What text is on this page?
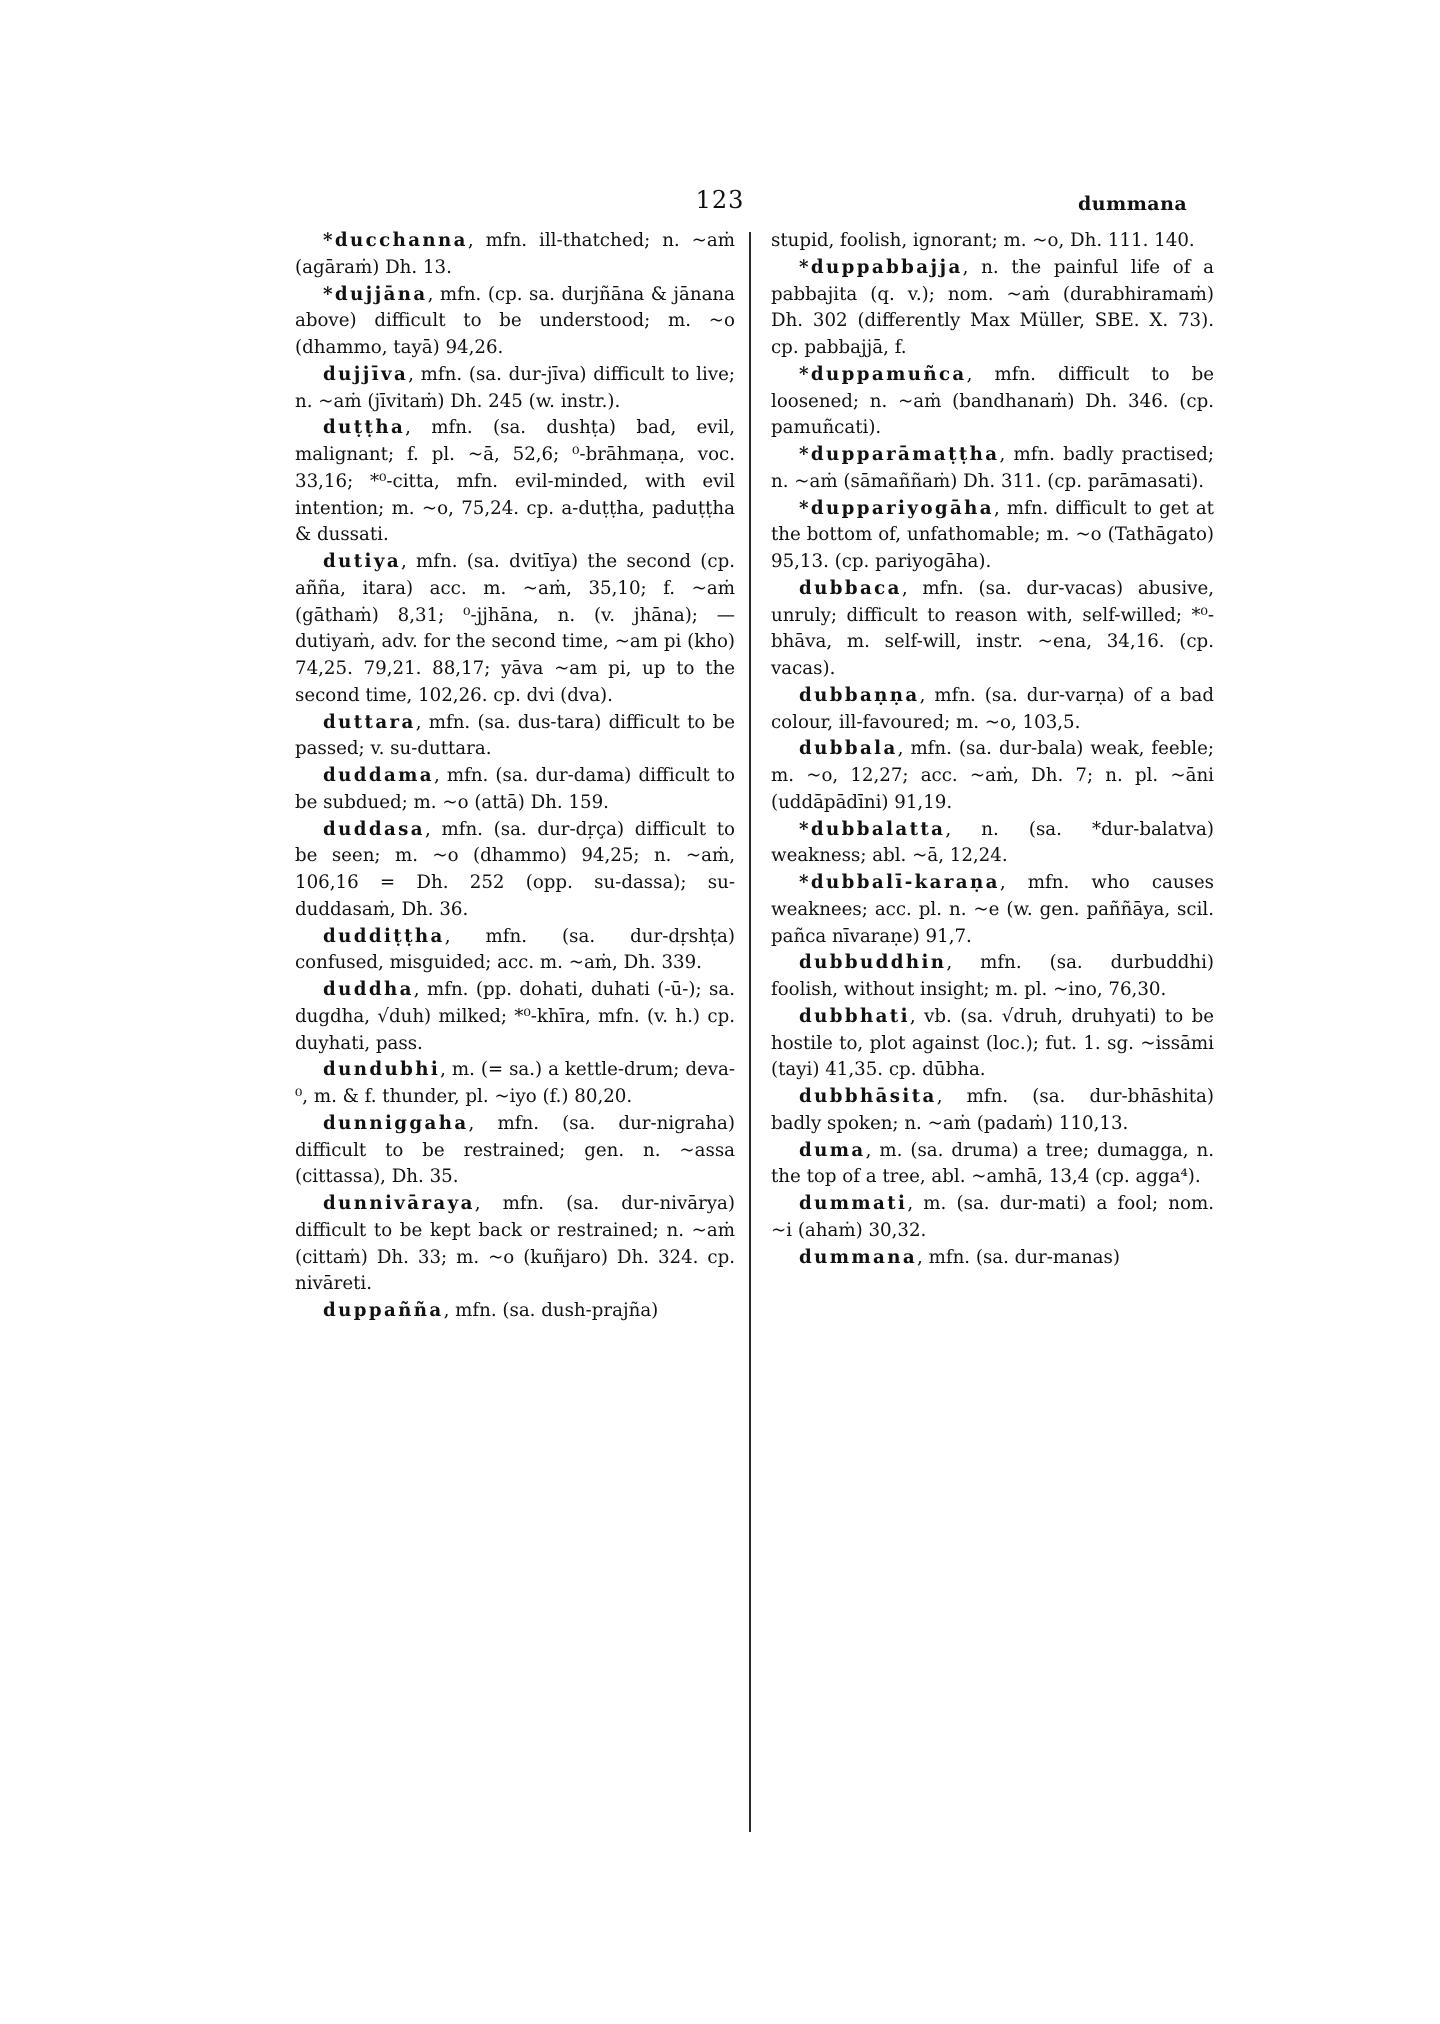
123	dummana

*ducchanna, mfn. ill-thatched; n. ~aṁ (agāraṁ) Dh. 13.

*dujjāna, mfn. (cp. sa. durjñāna & jānana above) difficult to be understood; m. ~o (dhammo, tayā) 94,26.

dujjīva, mfn. (sa. dur-jīva) difficult to live; n. ~aṁ (jīvitaṁ) Dh. 245 (w. instr.).

duṭṭha, mfn. (sa. dushṭa) bad, evil, malignant; f. pl. ~ā, 52,6; ⁰-brāhmaṇa, voc. 33,16; *⁰-citta, mfn. evil-minded, with evil intention; m. ~o, 75,24. cp. a-duṭṭha, paduṭṭha & dussati.

dutiya, mfn. (sa. dvitīya) the second (cp. añña, itara) acc. m. ~aṁ, 35,10; f. ~aṁ (gāthaṁ) 8,31; ⁰-jjhāna, n. (v. jhāna); — dutiyaṁ, adv. for the second time, ~am pi (kho) 74,25. 79,21. 88,17; yāva ~am pi, up to the second time, 102,26. cp. dvi (dva).

duttara, mfn. (sa. dus-tara) difficult to be passed; v. su-duttara.

duddama, mfn. (sa. dur-dama) difficult to be subdued; m. ~o (attā) Dh. 159.

duddasa, mfn. (sa. dur-dṛça) difficult to be seen; m. ~o (dhammo) 94,25; n. ~aṁ, 106,16 = Dh. 252 (opp. su-dassa); su-duddasaṁ, Dh. 36.

duddiṭṭha, mfn. (sa. dur-dṛshṭa) confused, misguided; acc. m. ~aṁ, Dh. 339.

duddha, mfn. (pp. dohati, duhati (-ū-); sa. dugdha, √duh) milked; *⁰-khīra, mfn. (v. h.) cp. duyhati, pass.

dundubhi, m. (= sa.) a kettle-drum; deva-⁰, m. & f. thunder, pl. ~iyo (f.) 80,20.

dunniggaha, mfn. (sa. dur-nigraha) difficult to be restrained; gen. n. ~assa (cittassa), Dh. 35.

dunnivāraya, mfn. (sa. dur-nivārya) difficult to be kept back or restrained; n. ~aṁ (cittaṁ) Dh. 33; m. ~o (kuñjaro) Dh. 324. cp. nivāreti.

duppañña, mfn. (sa. dush-prajña)

stupid, foolish, ignorant; m. ~o, Dh. 111. 140.

*duppabbajja, n. the painful life of a pabbajita (q. v.); nom. ~aṁ (durabhiramaṁ) Dh. 302 (differently Max Müller, SBE. X. 73). cp. pabbajjā, f.

*duppamuñca, mfn. difficult to be loosened; n. ~aṁ (bandhanaṁ) Dh. 346. (cp. pamuñcati).

*dupparāmaṭṭha, mfn. badly practised; n. ~aṁ (sāmaññaṁ) Dh. 311. (cp. parāmasati).

*duppariyogāha, mfn. difficult to get at the bottom of, unfathomable; m. ~o (Tathāgato) 95,13. (cp. pariyogāha).

dubbaca, mfn. (sa. dur-vacas) abusive, unruly; difficult to reason with, self-willed; *⁰-bhāva, m. self-will, instr. ~ena, 34,16. (cp. vacas).

dubbaṇṇa, mfn. (sa. dur-varṇa) of a bad colour, ill-favoured; m. ~o, 103,5.

dubbala, mfn. (sa. dur-bala) weak, feeble; m. ~o, 12,27; acc. ~aṁ, Dh. 7; n. pl. ~āni (uddāpādīni) 91,19.

*dubbalatta, n. (sa. *dur-balatva) weakness; abl. ~ā, 12,24.

*dubbalī-karaṇa, mfn. who causes weaknees; acc. pl. n. ~e (w. gen. paññāya, scil. pañca nīvaraṇe) 91,7.

dubbuddhin, mfn. (sa. durbuddhi) foolish, without insight; m. pl. ~ino, 76,30.

dubbhati, vb. (sa. √druh, druhyati) to be hostile to, plot against (loc.); fut. 1. sg. ~issāmi (tayi) 41,35. cp. dūbha.

dubbhāsita, mfn. (sa. dur-bhāshita) badly spoken; n. ~aṁ (padaṁ) 110,13.

duma, m. (sa. druma) a tree; dumagga, n. the top of a tree, abl. ~amhā, 13,4 (cp. agga⁴).

dummati, m. (sa. dur-mati) a fool; nom. ~i (ahaṁ) 30,32.

dummana, mfn. (sa. dur-manas)
